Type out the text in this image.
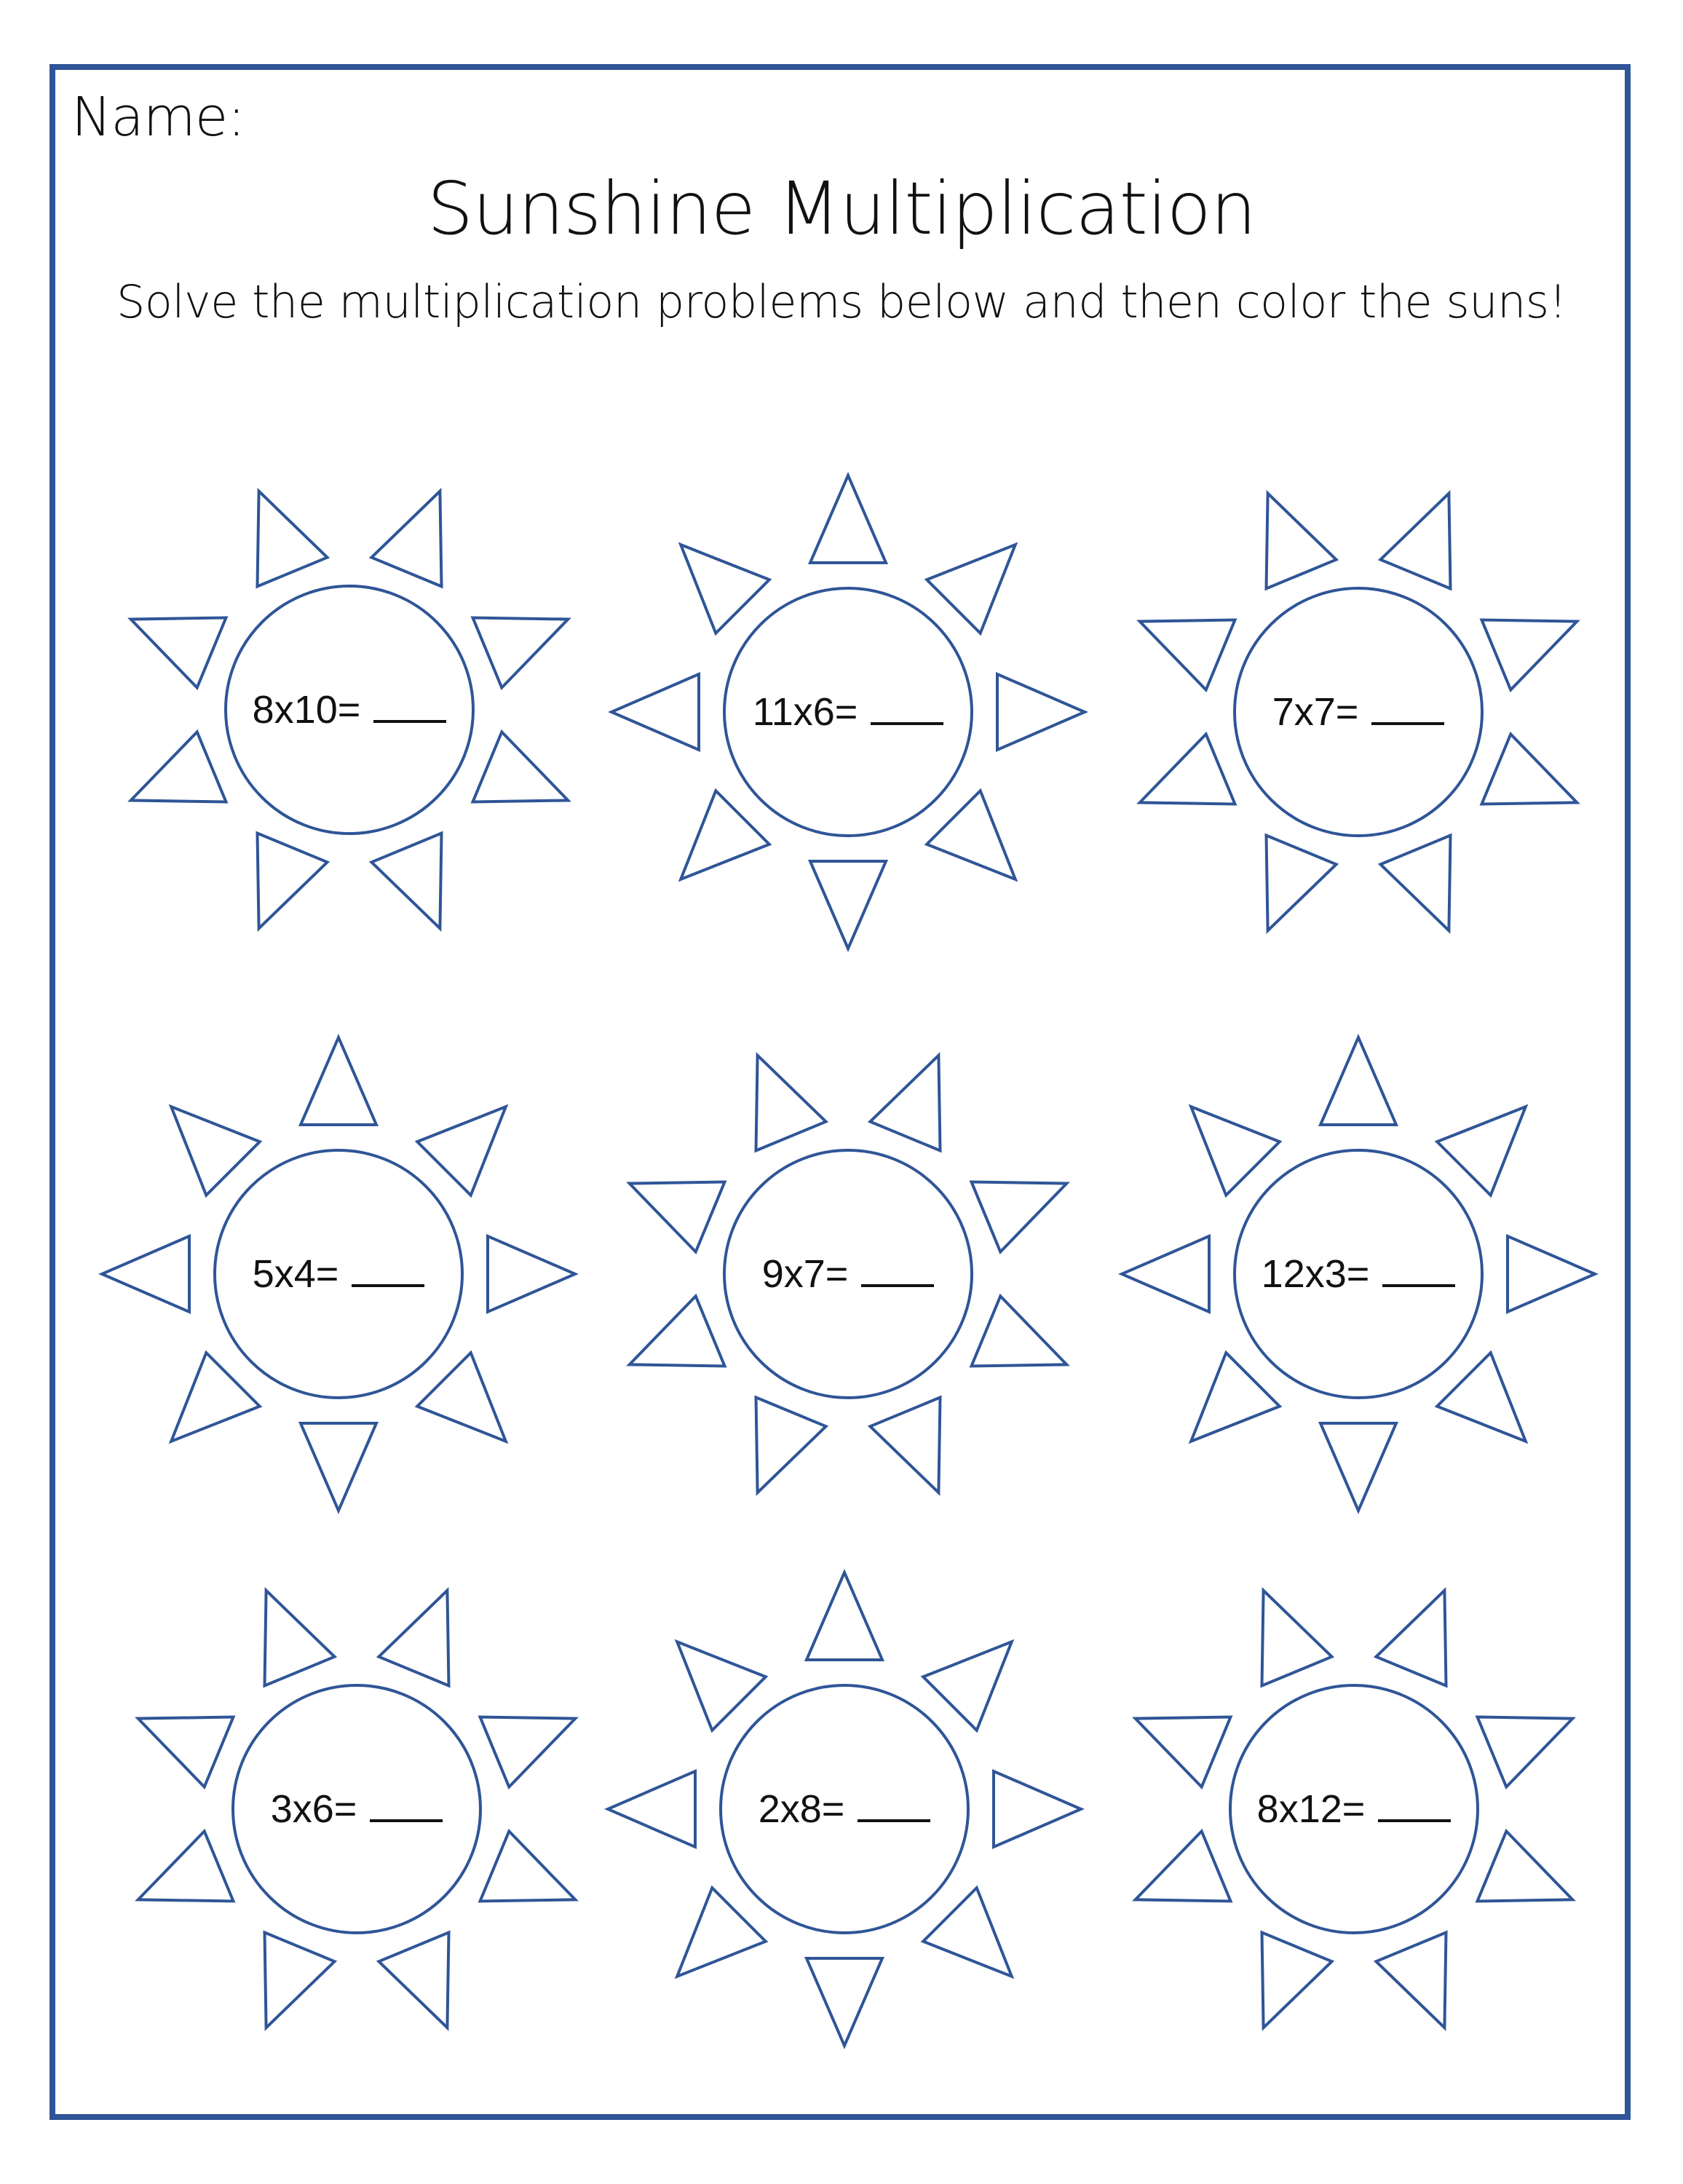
Name:
Sunshine Multiplication
Solve the multiplication problems below and then color the suns!
8x10=	11x6=	7x7=
5x4=	9x7=	12x3=
3x6=	2x8=	8x12=
